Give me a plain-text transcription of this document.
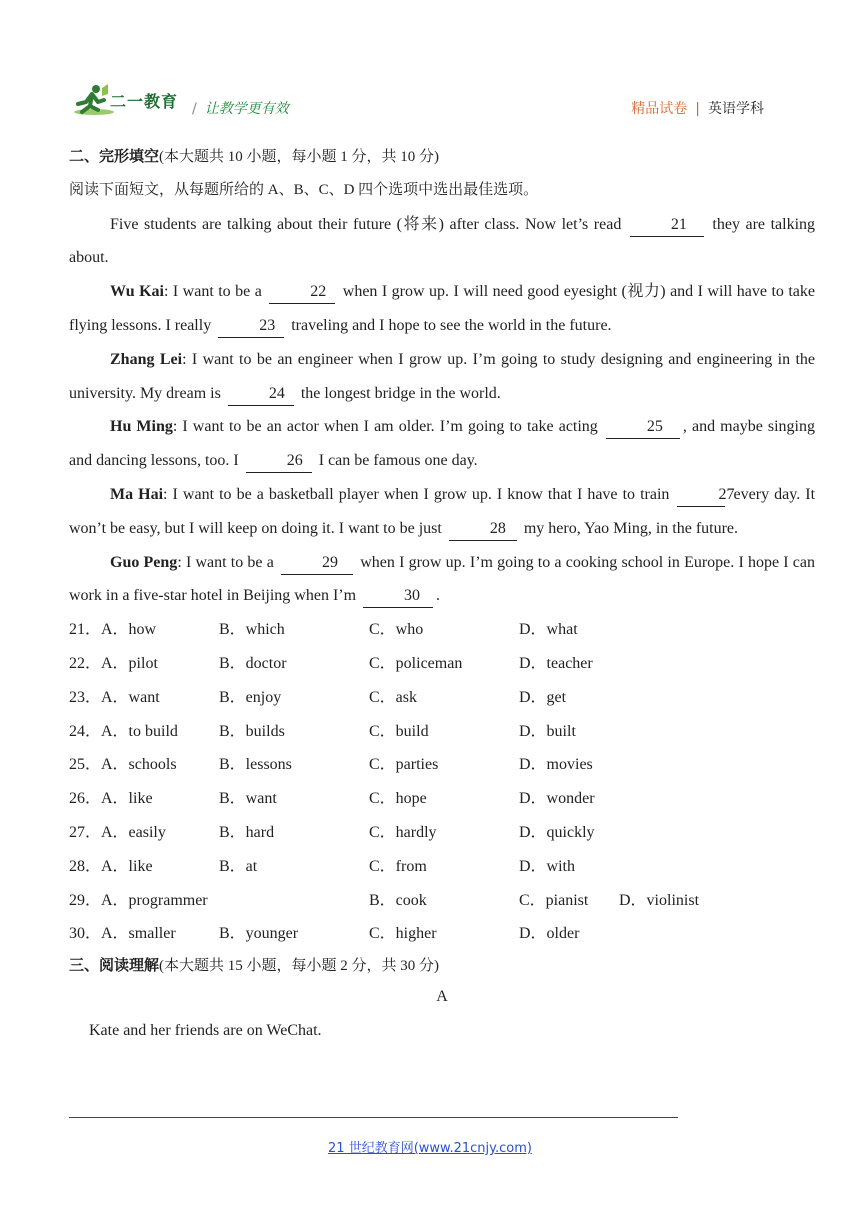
二一教育 / 让教学更有效	精品试卷 | 英语学科
二、完形填空(本大题共 10 小题，每小题 1 分，共 10 分)
阅读下面短文，从每题所给的 A、B、C、D 四个选项中选出最佳选项。
Five students are talking about their future (将来) after class. Now let’s read	21 they are talking about.
Wu Kai: I want to be a	22 when I grow up. I will need good eyesight (视力) and I will have to take flying lessons. I really	23 traveling and I hope to see the world in the future.
Zhang Lei: I want to be an engineer when I grow up. I’m going to study designing and engineering in the university. My dream is	24 the longest bridge in the world.
Hu Ming: I want to be an actor when I am older. I’m going to take acting	25 , and maybe singing and dancing lessons, too. I	26 I can be famous one day.
Ma Hai: I want to be a basketball player when I grow up. I know that I have to train	27 every day. It won’t be easy, but I will keep on doing it. I want to be just	28 my hero, Yao Ming, in the future.
Guo Peng: I want to be a	29 when I grow up. I’m going to a cooking school in Europe. I hope I can work in a five-star hotel in Beijing when I’m	30 .
21． A．how	B．which	C．who	D．what
22． A．pilot	B．doctor	C．policeman	D．teacher
23． A．want	B．enjoy	C．ask	D．get
24． A．to build	B．builds	C．build	D．built
25． A．schools	B．lessons	C．parties	D．movies
26． A．like	B．want	C．hope	D．wonder
27． A．easily	B．hard	C．hardly	D．quickly
28． A．like	B．at	C．from	D．with
29． A．programmer	B．cook	C．pianist D．violinist
30． A．smaller	B．younger	C．higher	D．older
三、阅读理解(本大题共 15 小题，每小题 2 分，共 30 分)
A
Kate and her friends are on WeChat.
21 世纪教育网(www.21cnjy.com)
